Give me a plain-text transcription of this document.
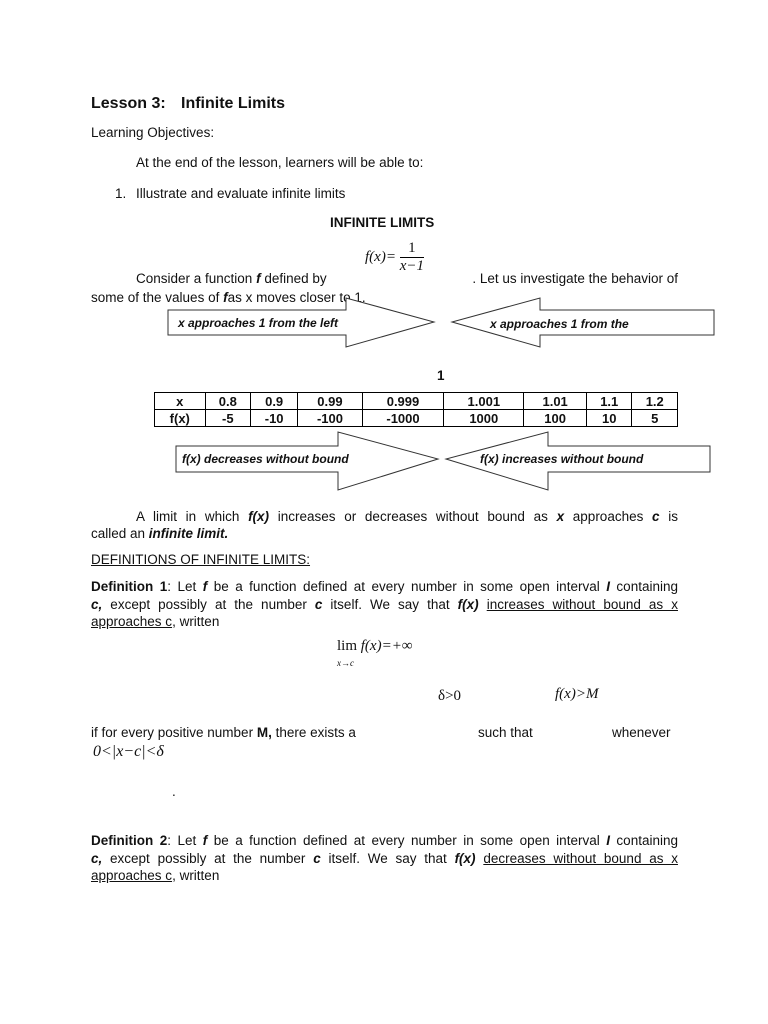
Lesson 3: Infinite Limits
Learning Objectives:
At the end of the lesson, learners will be able to:
1. Illustrate and evaluate infinite limits
INFINITE LIMITS
$f(x)= \frac{1}{x-1}$
Consider a function f defined by	. Let us investigate the behavior of
some of the values of fas x moves closer to 1.
x approaches 1 from the left	x approaches 1 from the
f(x) decreases without bound	f(x) increases without bound
1
x	0.8	0.9	0.99	0.999	1.001	1.01	1.1	1.2
f(x)	-5	-10	-100	-1000	1000	100	10	5
A limit in which f(x) increases or decreases without bound as x approaches c is
called an infinite limit.
DEFINITIONS OF INFINITE LIMITS:
Definition 1: Let f be a function defined at every number in some open interval I containing
c, except possibly at the number c itself. We say that f(x) increases without bound as x
approaches c, written
lim f(x)=+∞
x→c
δ>0	f(x)>M
if for every positive number M, there exists a	such that	whenever
0<|x−c|<δ
.
Definition 2: Let f be a function defined at every number in some open interval I containing
c, except possibly at the number c itself. We say that f(x) decreases without bound as x
approaches c, written
